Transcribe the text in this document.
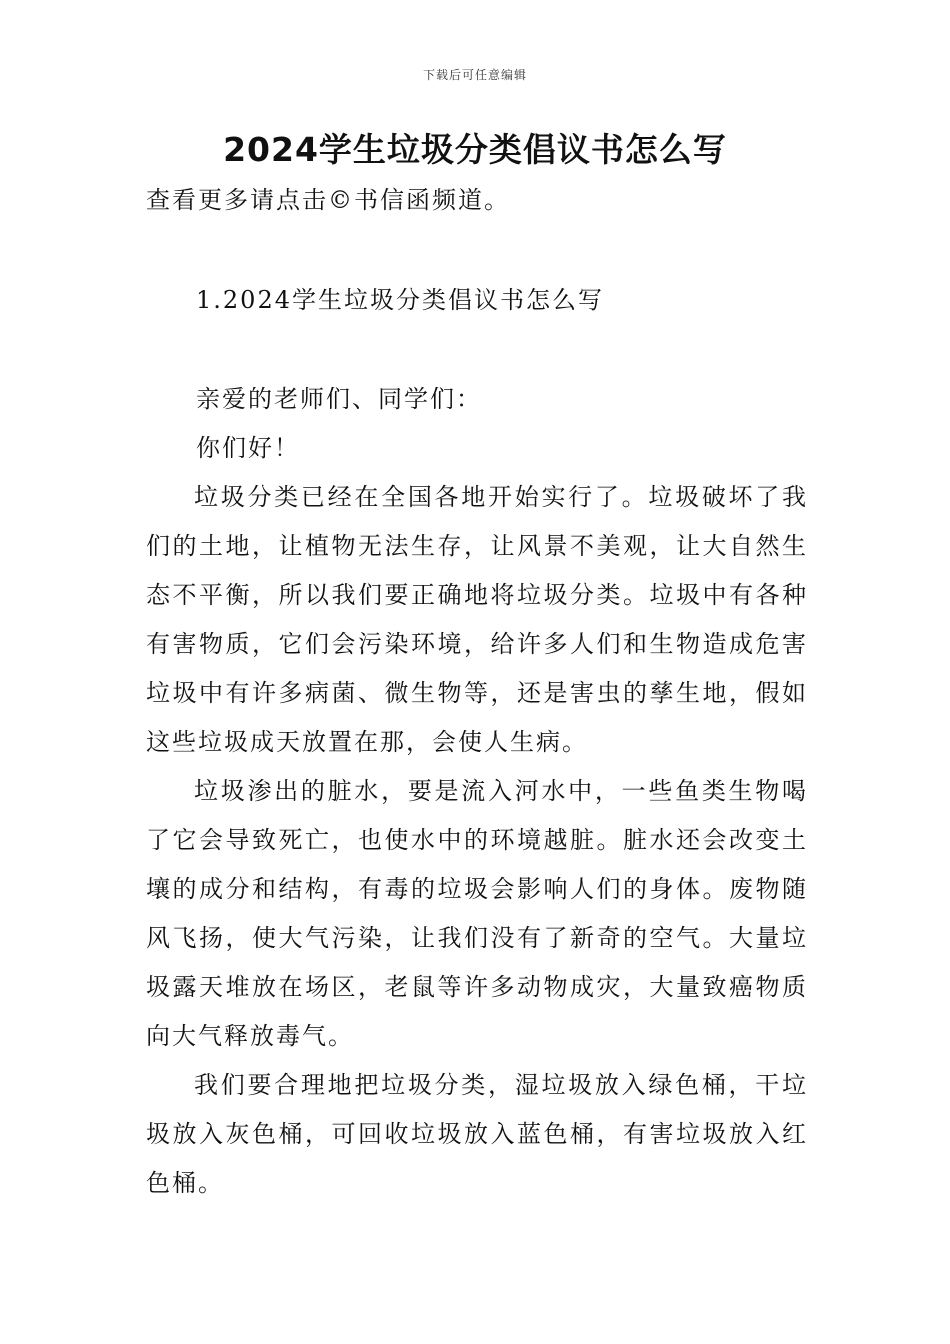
下载后可任意编辑
2024学生垃圾分类倡议书怎么写
查看更多请点击©书信函频道。
1.2024学生垃圾分类倡议书怎么写
亲爱的老师们、同学们：
你们好！

垃圾分类已经在全国各地开始实行了。垃圾破坏了我们的土地，让植物无法生存，让风景不美观，让大自然生态不平衡，所以我们要正确地将垃圾分类。垃圾中有各种有害物质，它们会污染环境，给许多人们和生物造成危害垃圾中有许多病菌、微生物等，还是害虫的孳生地，假如这些垃圾成天放置在那，会使人生病。

垃圾渗出的脏水，要是流入河水中，一些鱼类生物喝了它会导致死亡，也使水中的环境越脏。脏水还会改变土壤的成分和结构，有毒的垃圾会影响人们的身体。废物随风飞扬，使大气污染，让我们没有了新奇的空气。大量垃圾露天堆放在场区，老鼠等许多动物成灾，大量致癌物质向大气释放毒气。

我们要合理地把垃圾分类，湿垃圾放入绿色桶，干垃圾放入灰色桶，可回收垃圾放入蓝色桶，有害垃圾放入红色桶。
